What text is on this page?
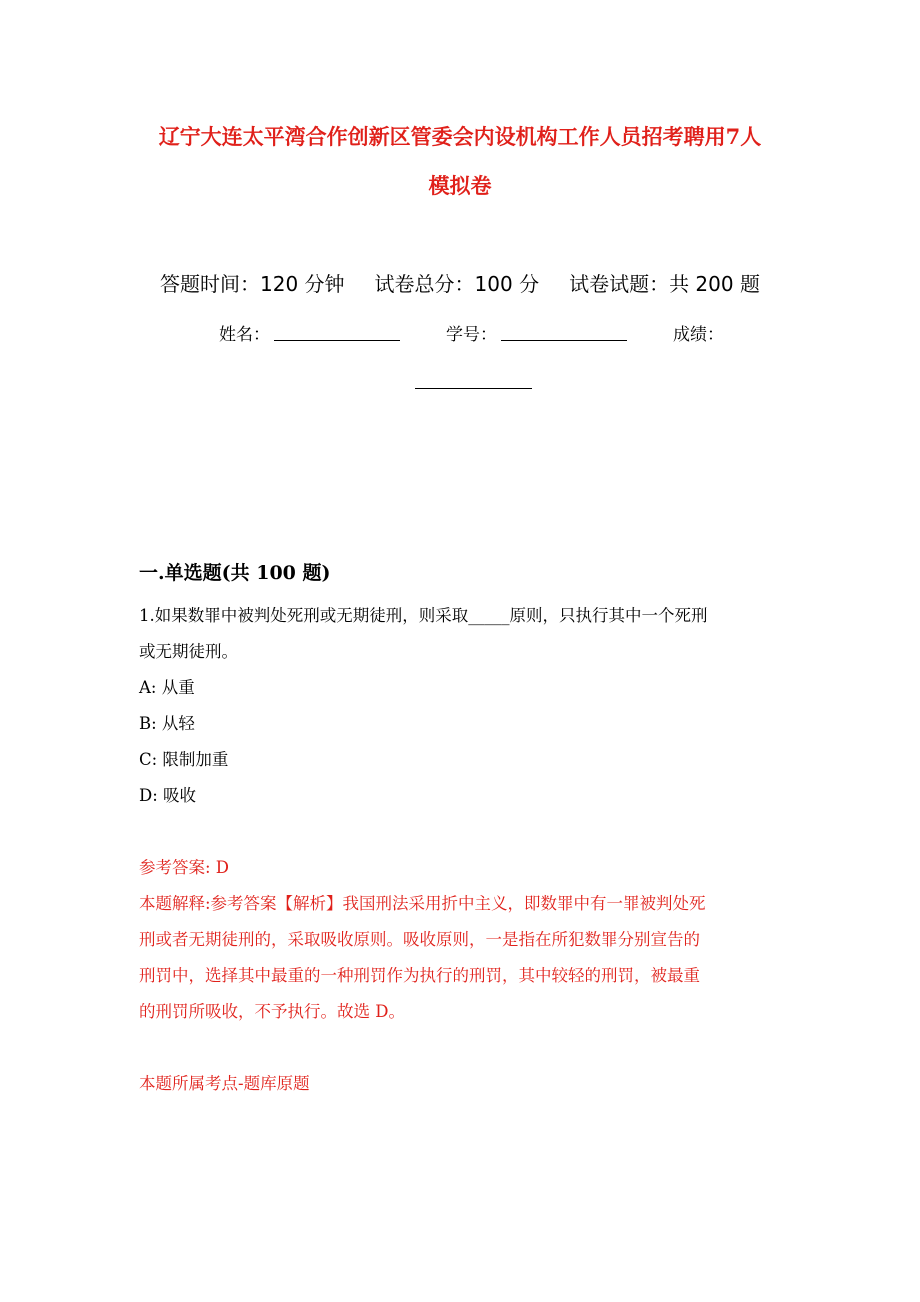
辽宁大连太平湾合作创新区管委会内设机构工作人员招考聘用7人
模拟卷
答题时间：120 分钟 试卷总分：100 分 试卷试题：共 200 题
姓名：	学号：	成绩：
一.单选题(共 100 题)
1.如果数罪中被判处死刑或无期徒刑，则采取_____原则，只执行其中一个死刑
或无期徒刑。
A: 从重
B: 从轻
C: 限制加重
D: 吸收
参考答案: D
本题解释:参考答案【解析】我国刑法采用折中主义，即数罪中有一罪被判处死
刑或者无期徒刑的，采取吸收原则。吸收原则，一是指在所犯数罪分别宣告的
刑罚中，选择其中最重的一种刑罚作为执行的刑罚，其中较轻的刑罚，被最重
的刑罚所吸收，不予执行。故选 D。
本题所属考点-题库原题
